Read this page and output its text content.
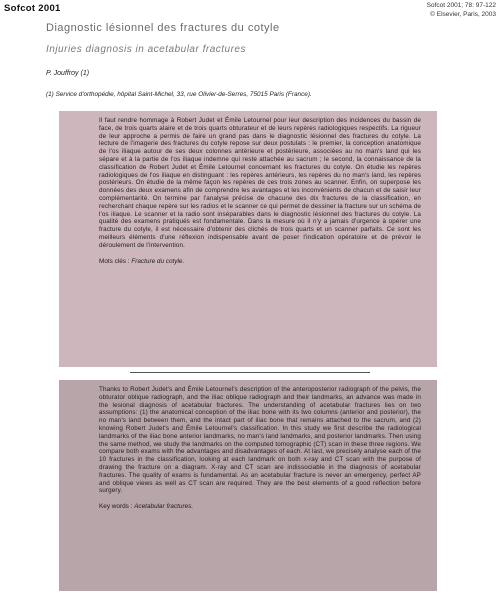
Sofcot 2001	Sofcot 2001; 78: 97-122
© Elsevier, Paris, 2003
Diagnostic lésionnel des fractures du cotyle
Injuries diagnosis in acetabular fractures
P. Jouffroy (1)
(1) Service d'orthopédie, hôpital Saint-Michel, 33, rue Olivier-de-Serres, 75015 Paris (France).

Il faut rendre hommage à Robert Judet et Émile Letournel pour leur description des incidences du bassin de face, de trois quarts alaire et de trois quarts obturateur et de leurs repères radiologiques respectifs. La rigueur de leur approche a permis de faire un grand pas dans le diagnostic lésionnel des fractures du cotyle. La lecture de l'imagerie des fractures du cotyle repose sur deux postulats : le premier, la conception anatomique de l'os iliaque autour de ses deux colonnes antérieure et postérieure, associées au no man's land qui les sépare et à la partie de l'os iliaque indemne qui reste attachée au sacrum ; le second, la connaissance de la classification de Robert Judet et Émile Letournel concernant les fractures du cotyle. On étudie les repères radiologiques de l'os iliaque en distinguant : les repères antérieurs, les repères du no man's land, les repères postérieurs. On étudie de la même façon les repères de ces trois zones au scanner. Enfin, on superpose les données des deux examens afin de comprendre les avantages et les inconvénients de chacun et de saisir leur complémentarité. On termine par l'analyse précise de chacune des dix fractures de la classification, en recherchant chaque repère sur les radios et le scanner ce qui permet de dessiner la fracture sur un schéma de l'os iliaque. Le scanner et la radio sont inséparables dans le diagnostic lésionnel des fractures du cotyle. La qualité des examens pratiqués est fondamentale. Dans la mesure où il n'y a jamais d'urgence à opérer une fracture du cotyle, il est nécessaire d'obtenir des clichés de trois quarts et un scanner parfaits. Ce sont les meilleurs éléments d'une réflexion indispensable avant de poser l'indication opératoire et de prévoir le déroulement de l'intervention.

Mots clés : Fracture du cotyle.

Thanks to Robert Judet's and Émile Letournel's description of the anteroposterior radiograph of the pelvis, the obturator oblique radiograph, and the iliac oblique radiograph and their landmarks, an advance was made in the lesional diagnosis of acetabular fractures. The understanding of acetabular fractures lies on two assumptions: (1) the anatomical conception of the iliac bone with its two columns (anterior and posterior), the no man's land between them, and the intact part of iliac bone that remains attached to the sacrum, and (2) knowing Robert Judet's and Émile Letournel's classification. In this study we first describe the radiological landmarks of the iliac bone anterior landmarks, no man's land landmarks, and posterior landmarks. Then using the same method, we study the landmarks on the computed tomographic (CT) scan in these three regions. We compare both exams with the advantages and disadvantages of each. At last, we precisely analyse each of the 10 fractures in the classification, looking at each landmark on both x-ray and CT scan with the purpose of drawing the fracture on a diagram. X-ray and CT scan are indissociable in the diagnosis of acetabular fractures. The quality of exams is fundamental. As an acetabular fracture is never an emergency, perfect AP and oblique views as well as CT scan are required. They are the best elements of a good reflection before surgery.

Key words : Acetabular fractures.
